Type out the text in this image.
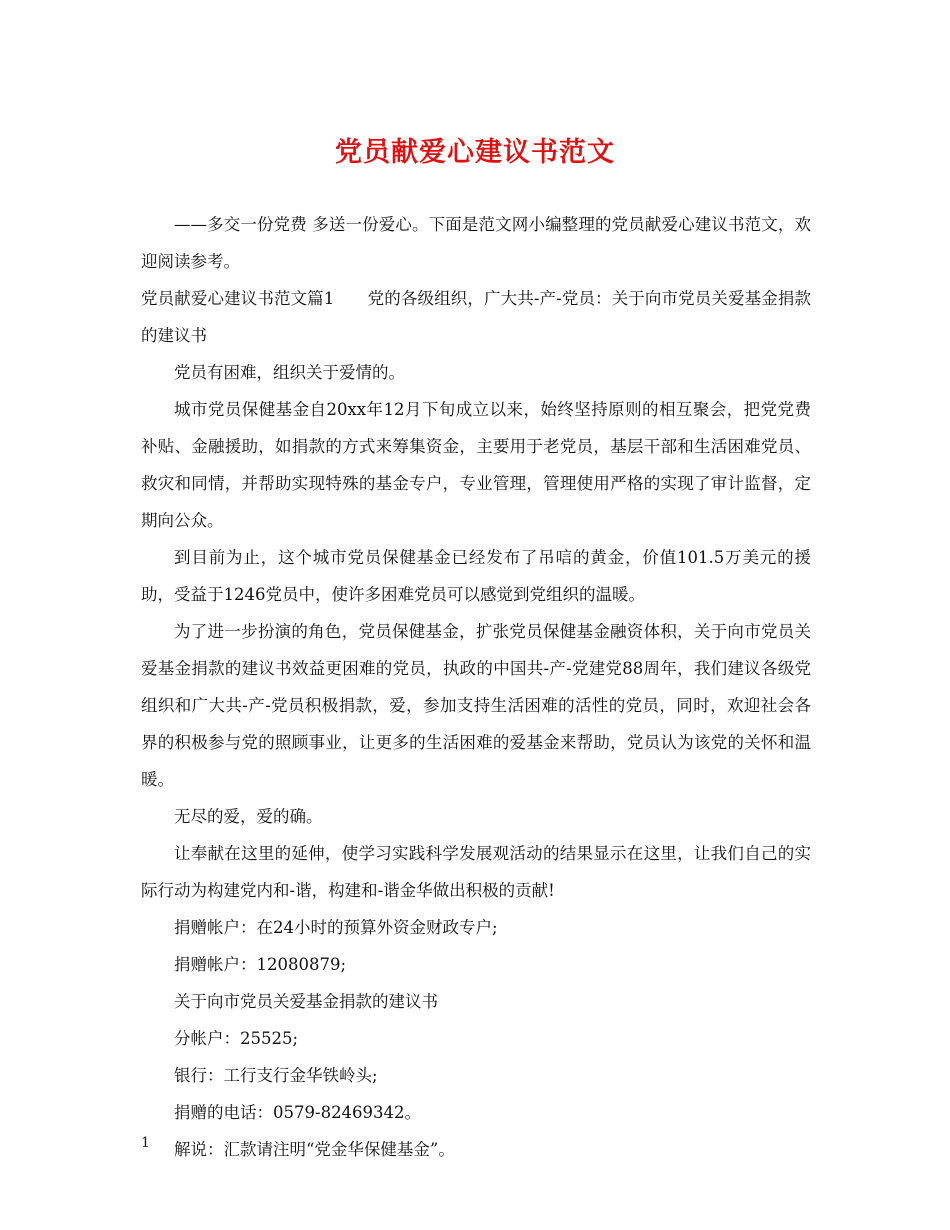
党员献爱心建议书范文

——多交一份党费 多送一份爱心。下面是范文网小编整理的党员献爱心建议书范文，欢迎阅读参考。

党员献爱心建议书范文篇1　　党的各级组织，广大共-产-党员：关于向市党员关爱基金捐款的建议书

党员有困难，组织关于爱情的。

城市党员保健基金自20xx年12月下旬成立以来，始终坚持原则的相互聚会，把党党费补贴、金融援助，如捐款的方式来筹集资金，主要用于老党员，基层干部和生活困难党员、救灾和同情，并帮助实现特殊的基金专户，专业管理，管理使用严格的实现了审计监督，定期向公众。

到目前为止，这个城市党员保健基金已经发布了吊唁的黄金，价值101.5万美元的援助，受益于1246党员中，使许多困难党员可以感觉到党组织的温暖。

为了进一步扮演的角色，党员保健基金，扩张党员保健基金融资体积，关于向市党员关爱基金捐款的建议书效益更困难的党员，执政的中国共-产-党建党88周年，我们建议各级党组织和广大共-产-党员积极捐款，爱，参加支持生活困难的活性的党员，同时，欢迎社会各界的积极参与党的照顾事业，让更多的生活困难的爱基金来帮助，党员认为该党的关怀和温暖。

无尽的爱，爱的确。

让奉献在这里的延伸，使学习实践科学发展观活动的结果显示在这里，让我们自己的实际行动为构建党内和-谐，构建和-谐金华做出积极的贡献!

捐赠帐户：在24小时的预算外资金财政专户;

捐赠帐户：12080879;

关于向市党员关爱基金捐款的建议书

分帐户：25525;

银行：工行支行金华铁岭头;

捐赠的电话：0579-82469342。

解说：汇款请注明“党金华保健基金”。

1
